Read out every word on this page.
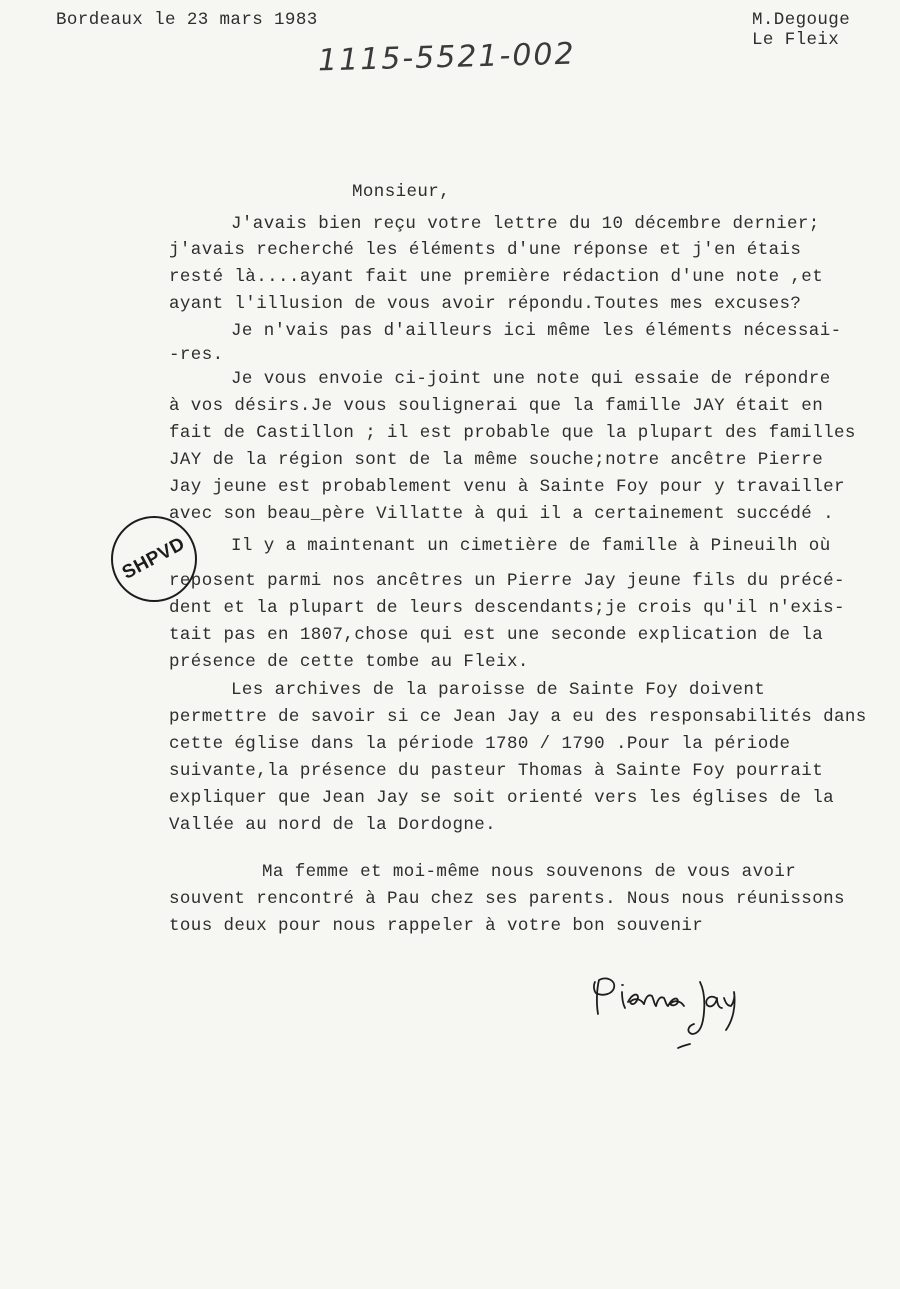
Bordeaux le 23 mars 1983	M.Degouge
Le Fleix
1115-5521-002
Monsieur,
J'avais bien reçu votre lettre du 10 décembre dernier;
j'avais recherché les éléments d'une réponse et j'en étais
resté là....ayant fait une première rédaction d'une note ,et
ayant l'illusion de vous avoir répondu.Toutes mes excuses?
Je n'vais pas d'ailleurs ici même les éléments nécessai-
-res.
Je vous envoie ci-joint une note qui essaie de répondre
à vos désirs.Je vous soulignerai que la famille JAY était en
fait de Castillon ; il est probable que la plupart des familles
JAY de la région sont de la même souche;notre ancêtre Pierre
Jay jeune est probablement venu à Sainte Foy pour y travailler
avec son beau_père Villatte à qui il a certainement succédé .
Il y a maintenant un cimetière de famille à Pineuilh où
reposent parmi nos ancêtres un Pierre Jay jeune fils du précé-
dent et la plupart de leurs descendants;je crois qu'il n'exis-
tait pas en 1807,chose qui est une seconde explication de la
présence de cette tombe au Fleix.
Les archives de la paroisse de Sainte Foy doivent
permettre de savoir si ce Jean Jay a eu des responsabilités dans
cette église dans la période 1780 / 1790 .Pour la période
suivante,la présence du pasteur Thomas à Sainte Foy pourrait
expliquer que Jean Jay se soit orienté vers les églises de la
Vallée au nord de la Dordogne.
Ma femme et moi-même nous souvenons de vous avoir
souvent rencontré à Pau chez ses parents. Nous nous réunissons
tous deux pour nous rappeler à votre bon souvenir
SHPVD
